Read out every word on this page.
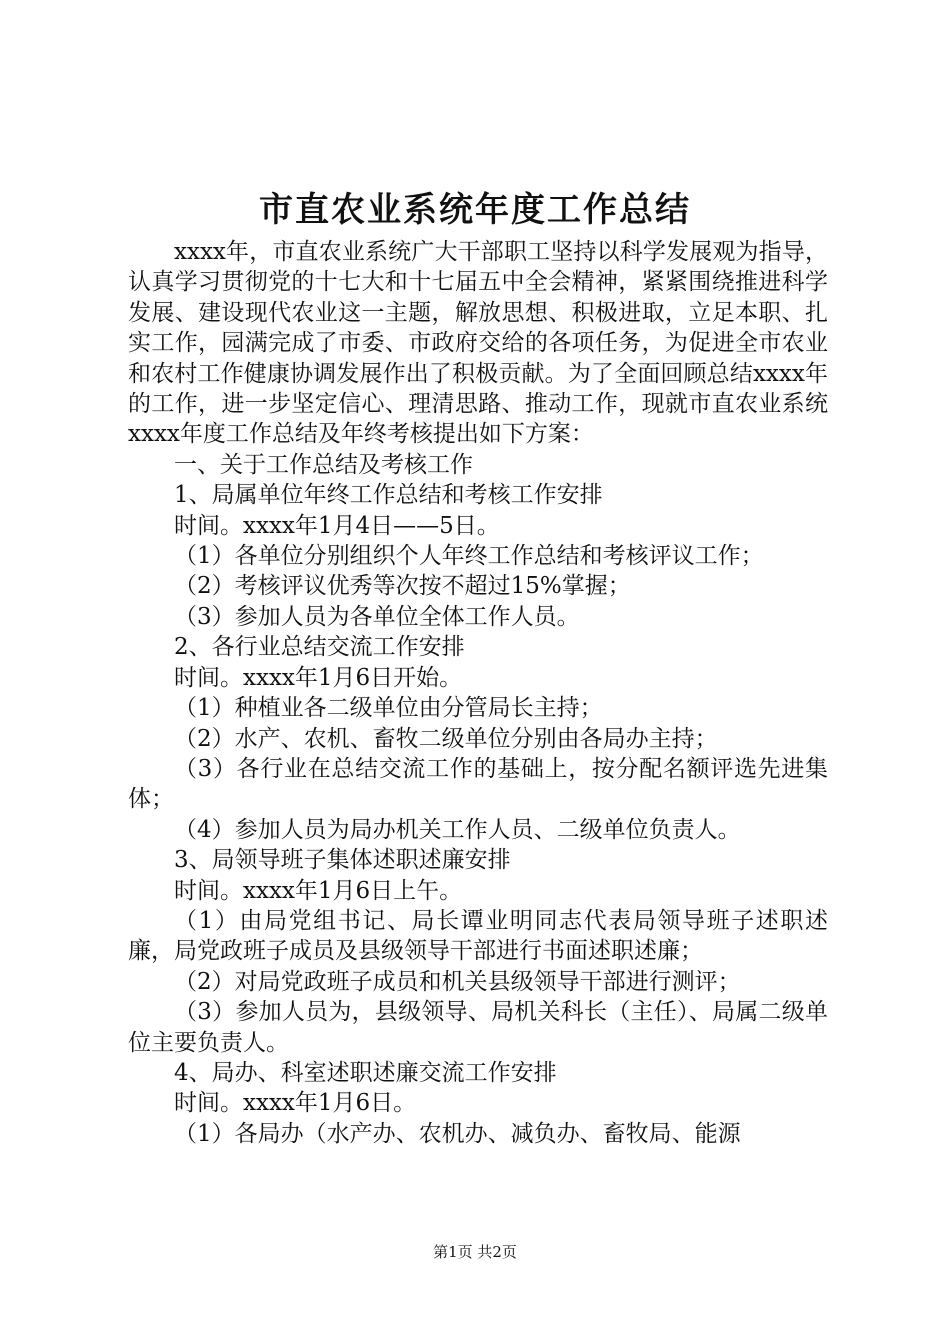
市直农业系统年度工作总结

xxxx年，市直农业系统广大干部职工坚持以科学发展观为指导，认真学习贯彻党的十七大和十七届五中全会精神，紧紧围绕推进科学发展、建设现代农业这一主题，解放思想、积极进取，立足本职、扎实工作，园满完成了市委、市政府交给的各项任务，为促进全市农业和农村工作健康协调发展作出了积极贡献。为了全面回顾总结xxxx年的工作，进一步坚定信心、理清思路、推动工作，现就市直农业系统xxxx年度工作总结及年终考核提出如下方案：

一、关于工作总结及考核工作

1、局属单位年终工作总结和考核工作安排

时间。xxxx年1月4日——5日。

（1）各单位分别组织个人年终工作总结和考核评议工作；

（2）考核评议优秀等次按不超过15%掌握；

（3）参加人员为各单位全体工作人员。

2、各行业总结交流工作安排

时间。xxxx年1月6日开始。

（1）种植业各二级单位由分管局长主持；

（2）水产、农机、畜牧二级单位分别由各局办主持；

（3）各行业在总结交流工作的基础上，按分配名额评选先进集体；

（4）参加人员为局办机关工作人员、二级单位负责人。

3、局领导班子集体述职述廉安排

时间。xxxx年1月6日上午。

（1）由局党组书记、局长谭业明同志代表局领导班子述职述廉，局党政班子成员及县级领导干部进行书面述职述廉；

（2）对局党政班子成员和机关县级领导干部进行测评；

（3）参加人员为，县级领导、局机关科长（主任）、局属二级单位主要负责人。

4、局办、科室述职述廉交流工作安排

时间。xxxx年1月6日。

（1）各局办（水产办、农机办、减负办、畜牧局、能源

第1页 共2页
